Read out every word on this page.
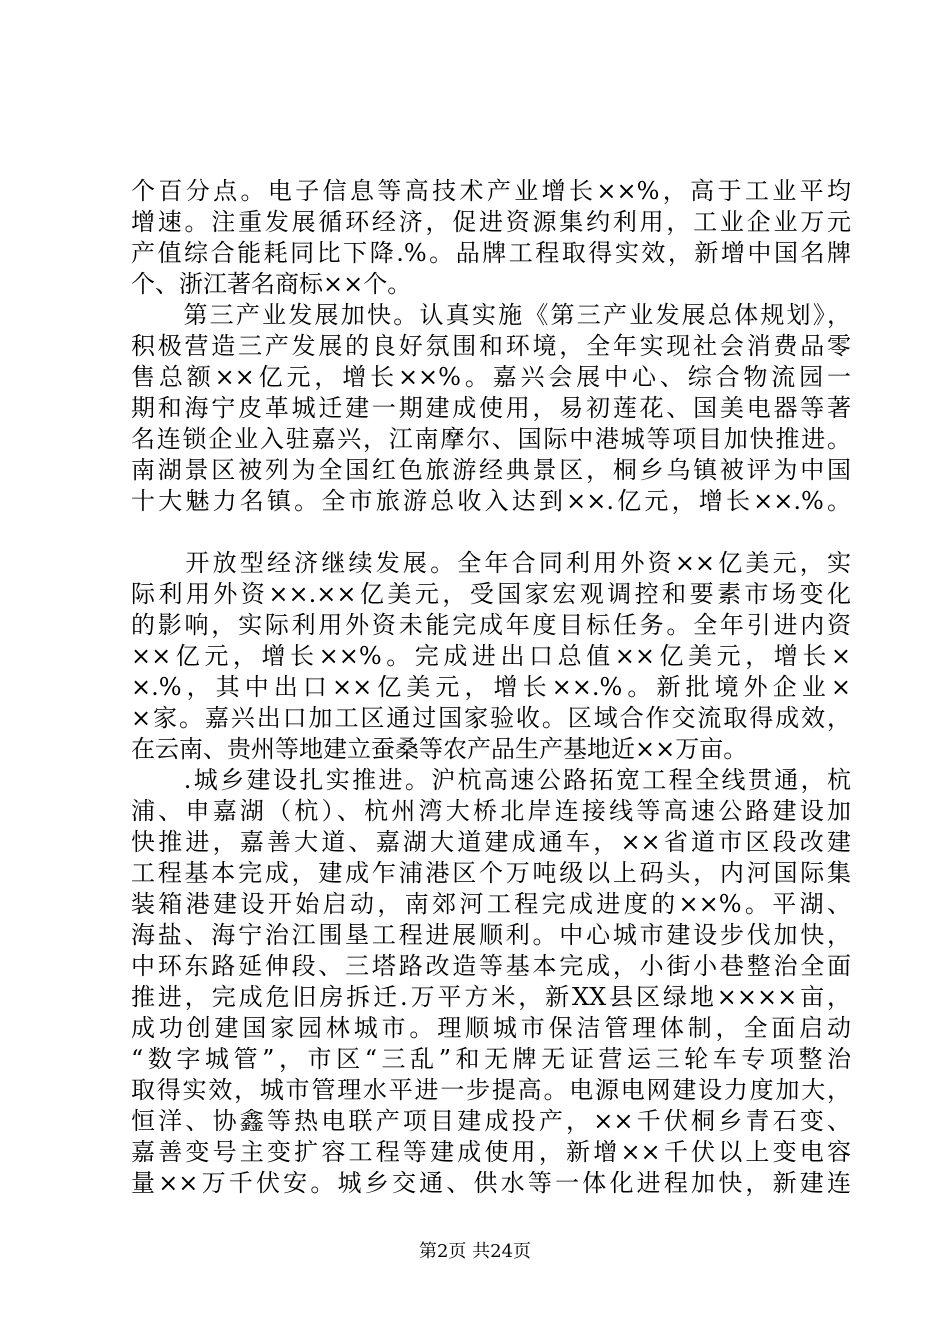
个百分点。电子信息等高技术产业增长××%，高于工业平均
增速。注重发展循环经济，促进资源集约利用，工业企业万元
产值综合能耗同比下降.%。品牌工程取得实效，新增中国名牌
个、浙江著名商标××个。
　　第三产业发展加快。认真实施《第三产业发展总体规划》，
积极营造三产发展的良好氛围和环境，全年实现社会消费品零
售总额××亿元，增长××%。嘉兴会展中心、综合物流园一
期和海宁皮革城迁建一期建成使用，易初莲花、国美电器等著
名连锁企业入驻嘉兴，江南摩尔、国际中港城等项目加快推进。
南湖景区被列为全国红色旅游经典景区，桐乡乌镇被评为中国
十大魅力名镇。全市旅游总收入达到××.亿元，增长××.%。
　　开放型经济继续发展。全年合同利用外资××亿美元，实
际利用外资××.××亿美元，受国家宏观调控和要素市场变化
的影响，实际利用外资未能完成年度目标任务。全年引进内资
××亿元，增长××%。完成进出口总值××亿美元，增长×
×.%，其中出口××亿美元，增长××.%。新批境外企业×
×家。嘉兴出口加工区通过国家验收。区域合作交流取得成效，
在云南、贵州等地建立蚕桑等农产品生产基地近××万亩。
　　.城乡建设扎实推进。沪杭高速公路拓宽工程全线贯通，杭
浦、申嘉湖（杭）、杭州湾大桥北岸连接线等高速公路建设加
快推进，嘉善大道、嘉湖大道建成通车，××省道市区段改建
工程基本完成，建成乍浦港区个万吨级以上码头，内河国际集
装箱港建设开始启动，南郊河工程完成进度的××%。平湖、
海盐、海宁治江围垦工程进展顺利。中心城市建设步伐加快，
中环东路延伸段、三塔路改造等基本完成，小街小巷整治全面
推进，完成危旧房拆迁.万平方米，新XX县区绿地××××亩，
成功创建国家园林城市。理顺城市保洁管理体制，全面启动
“数字城管”，市区“三乱”和无牌无证营运三轮车专项整治
取得实效，城市管理水平进一步提高。电源电网建设力度加大，
恒洋、协鑫等热电联产项目建成投产，××千伏桐乡青石变、
嘉善变号主变扩容工程等建成使用，新增××千伏以上变电容
量××万千伏安。城乡交通、供水等一体化进程加快，新建连
第2页 共24页
